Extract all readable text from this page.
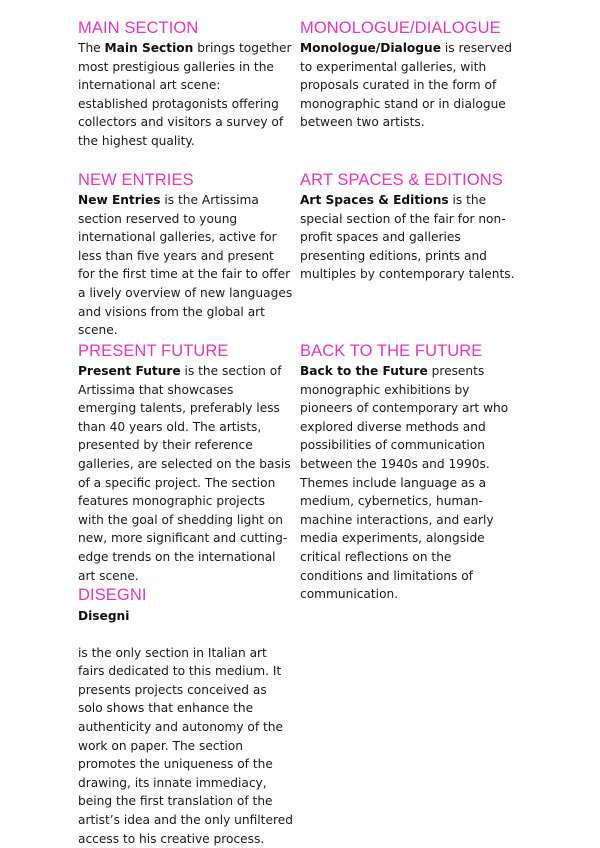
MAIN SECTION

The Main Section brings together most prestigious galleries in the international art scene: established protagonists offering collectors and visitors a survey of the highest quality.

NEW ENTRIES

New Entries is the Artissima section reserved to young international galleries, active for less than five years and present for the first time at the fair to offer a lively overview of new languages and visions from the global art scene.

PRESENT FUTURE

Present Future is the section of Artissima that showcases emerging talents, preferably less than 40 years old. The artists, presented by their reference galleries, are selected on the basis of a specific project. The section features monographic projects with the goal of shedding light on new, more significant and cutting-edge trends on the international art scene.

DISEGNI

Disegni

is the only section in Italian art fairs dedicated to this medium. It presents projects conceived as solo shows that enhance the authenticity and autonomy of the work on paper. The section promotes the uniqueness of the drawing, its innate immediacy, being the first translation of the artist’s idea and the only unfiltered access to his creative process.

MONOLOGUE/DIALOGUE

Monologue/Dialogue is reserved to experimental galleries, with proposals curated in the form of monographic stand or in dialogue between two artists.

ART SPACES & EDITIONS

Art Spaces & Editions is the special section of the fair for non-profit spaces and galleries presenting editions, prints and multiples by contemporary talents.

BACK TO THE FUTURE

Back to the Future presents monographic exhibitions by pioneers of contemporary art who explored diverse methods and possibilities of communication between the 1940s and 1990s. Themes include language as a medium, cybernetics, human-machine interactions, and early media experiments, alongside critical reflections on the conditions and limitations of communication.
